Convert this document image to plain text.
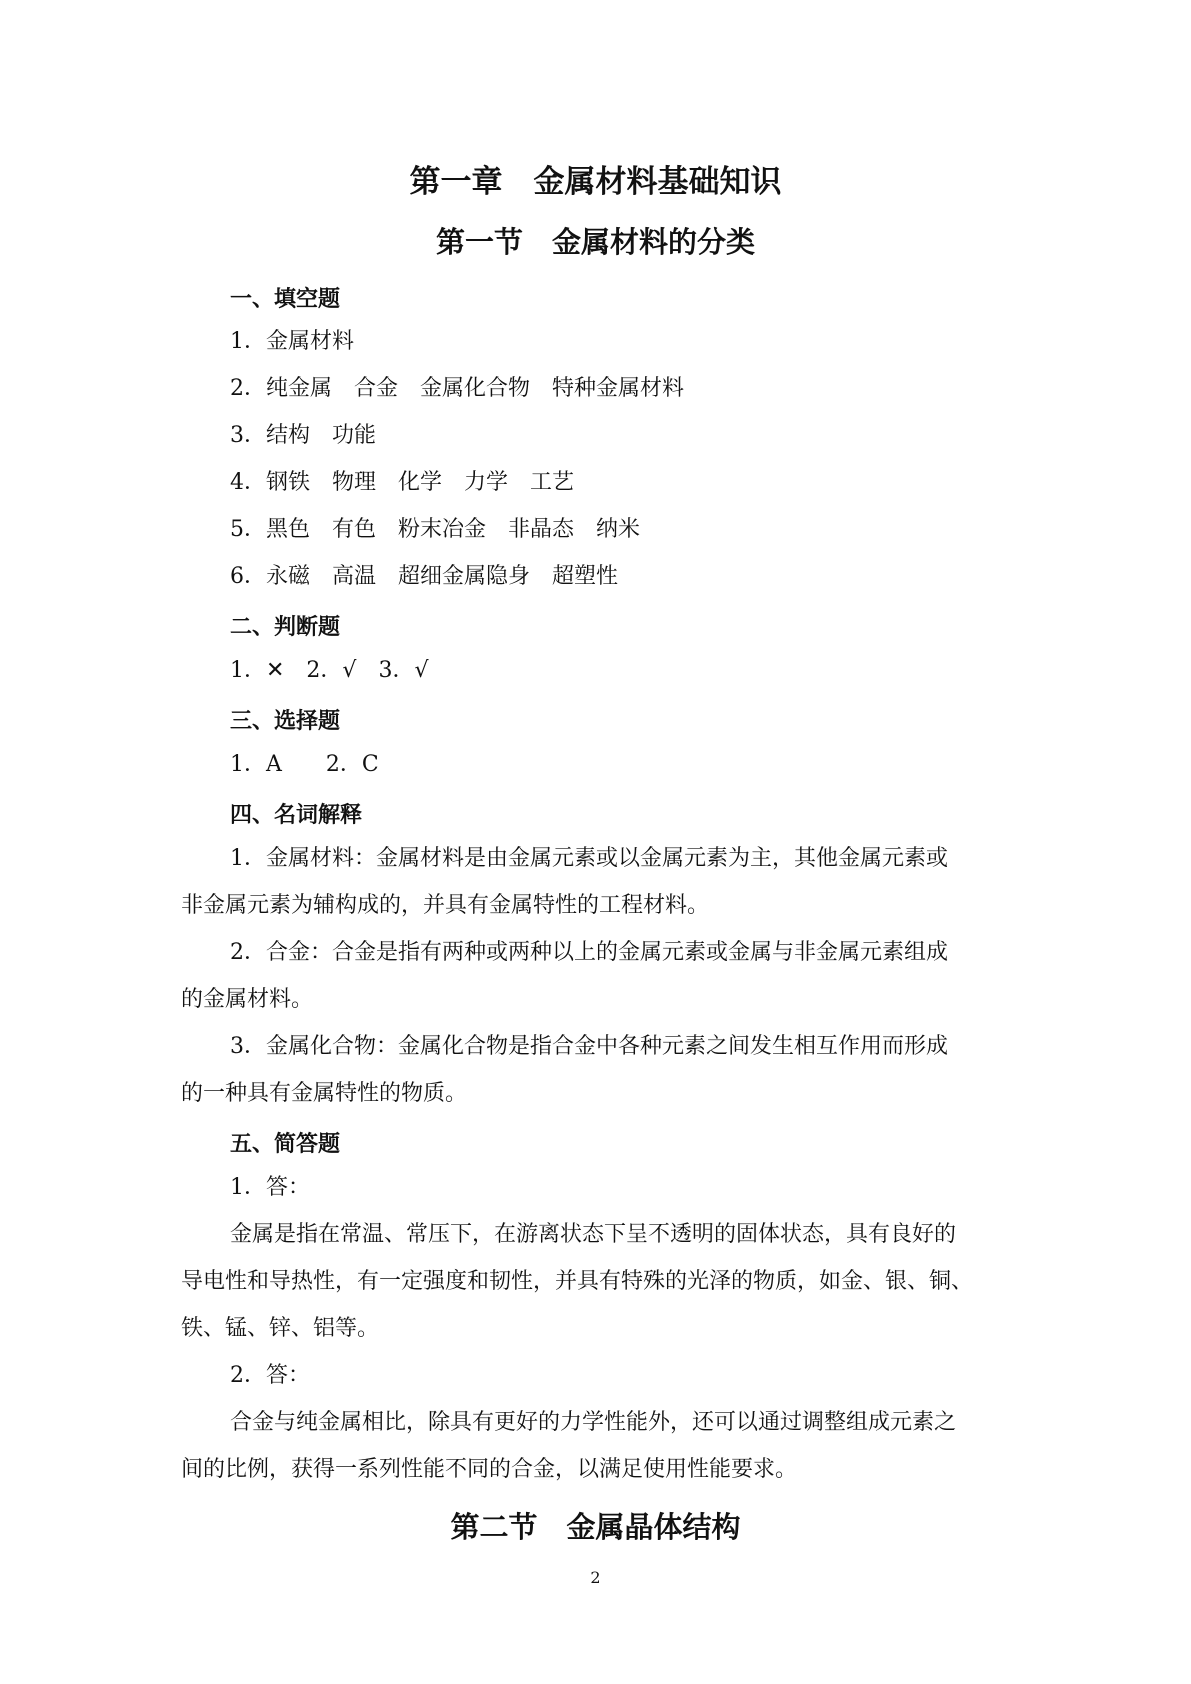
第一章　金属材料基础知识
第一节　金属材料的分类
一、填空题
1．金属材料
2．纯金属　合金　金属化合物　特种金属材料
3．结构　功能
4．钢铁　物理　化学　力学　工艺
5．黑色　有色　粉末冶金　非晶态　纳米
6．永磁　高温　超细金属隐身　超塑性
二、判断题
1．✕　2．√　3．√
三、选择题
1．A　　2．C
四、名词解释
1．金属材料：金属材料是由金属元素或以金属元素为主，其他金属元素或
非金属元素为辅构成的，并具有金属特性的工程材料。
2．合金：合金是指有两种或两种以上的金属元素或金属与非金属元素组成
的金属材料。
3．金属化合物：金属化合物是指合金中各种元素之间发生相互作用而形成
的一种具有金属特性的物质。
五、简答题
1．答：
金属是指在常温、常压下，在游离状态下呈不透明的固体状态，具有良好的
导电性和导热性，有一定强度和韧性，并具有特殊的光泽的物质，如金、银、铜、
铁、锰、锌、铝等。
2．答：
合金与纯金属相比，除具有更好的力学性能外，还可以通过调整组成元素之
间的比例，获得一系列性能不同的合金，以满足使用性能要求。
第二节　金属晶体结构
2
